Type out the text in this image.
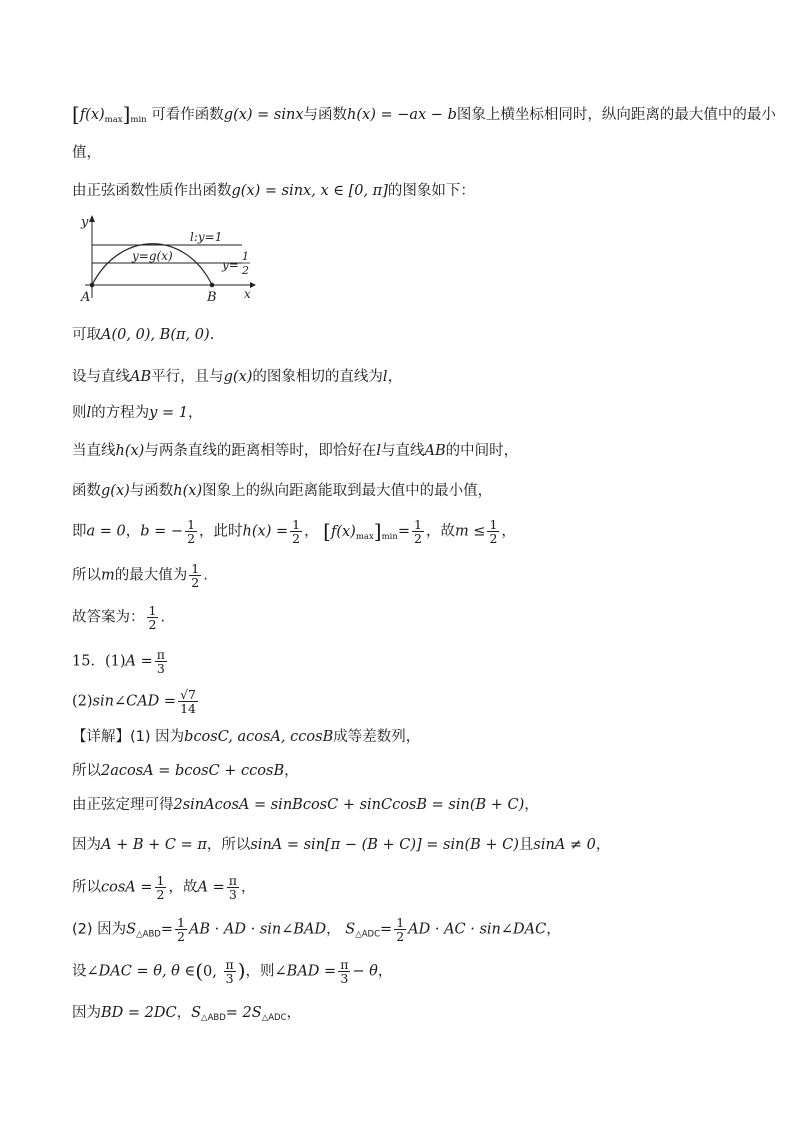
$[f(x)_{max}]_{min}$ 可看作函数g(x) = sinx与函数h(x) = −ax − b图象上横坐标相同时，纵向距离的最大值中的最小
值，
由正弦函数性质作出函数g(x) = sinx, x ∈ [0, π]的图象如下：
y
x
A	B
l:y=1
y=g(x)
y=
1
2
可取A(0, 0), B(π, 0).
设与直线AB平行，且与g(x)的图象相切的直线为l，
则l的方程为y = 1，
当直线h(x)与两条直线的距离相等时，即恰好在l与直线AB的中间时，
函数g(x)与函数h(x)图象上的纵向距离能取到最大值中的最小值，
即a = 0，b = − $\frac{1}{2}$ ，此时$h(x) = \frac{1}{2}$ ， $[f(x)_{max}]_{min}= \frac{1}{2}$ ，故$m \le \frac{1}{2}$ ，
所以m的最大值为 $\frac{1}{2}$ .
故答案为： $\frac{1}{2}$ .
15．$(1)A = \frac{\pi}{3}$
(2)sin∠CAD = $\frac{√7}{14}$
【详解】(1) 因为bcosC, acosA, ccosB成等差数列，
所以2acosA = bcosC + ccosB，
由正弦定理可得2sinAcosA = sinBcosC + sinCcosB = sin(B + C)，
因为A + B + C = π，所以sinA = sin[π − (B + C)] = sin(B + C)且sinA ≠ 0，
所以$\cos A = \frac{1}{2}$ ，故$A = \frac{\pi}{3}$ ，
(2) 因为$S_{\triangle ABD}= \frac{1}{2}$ AB · AD · sin∠BAD， $S_{\triangle ADC}= \frac{1}{2}$ AD · AC · sin∠DAC，
设∠DAC = θ, θ ∈(0, $\frac{\pi}{3}$ )，则∠BAD = $\frac{\pi}{3} - \theta$，
因为BD = 2DC，$S_{\triangle ABD}= 2S_{\triangle ADC}$，
